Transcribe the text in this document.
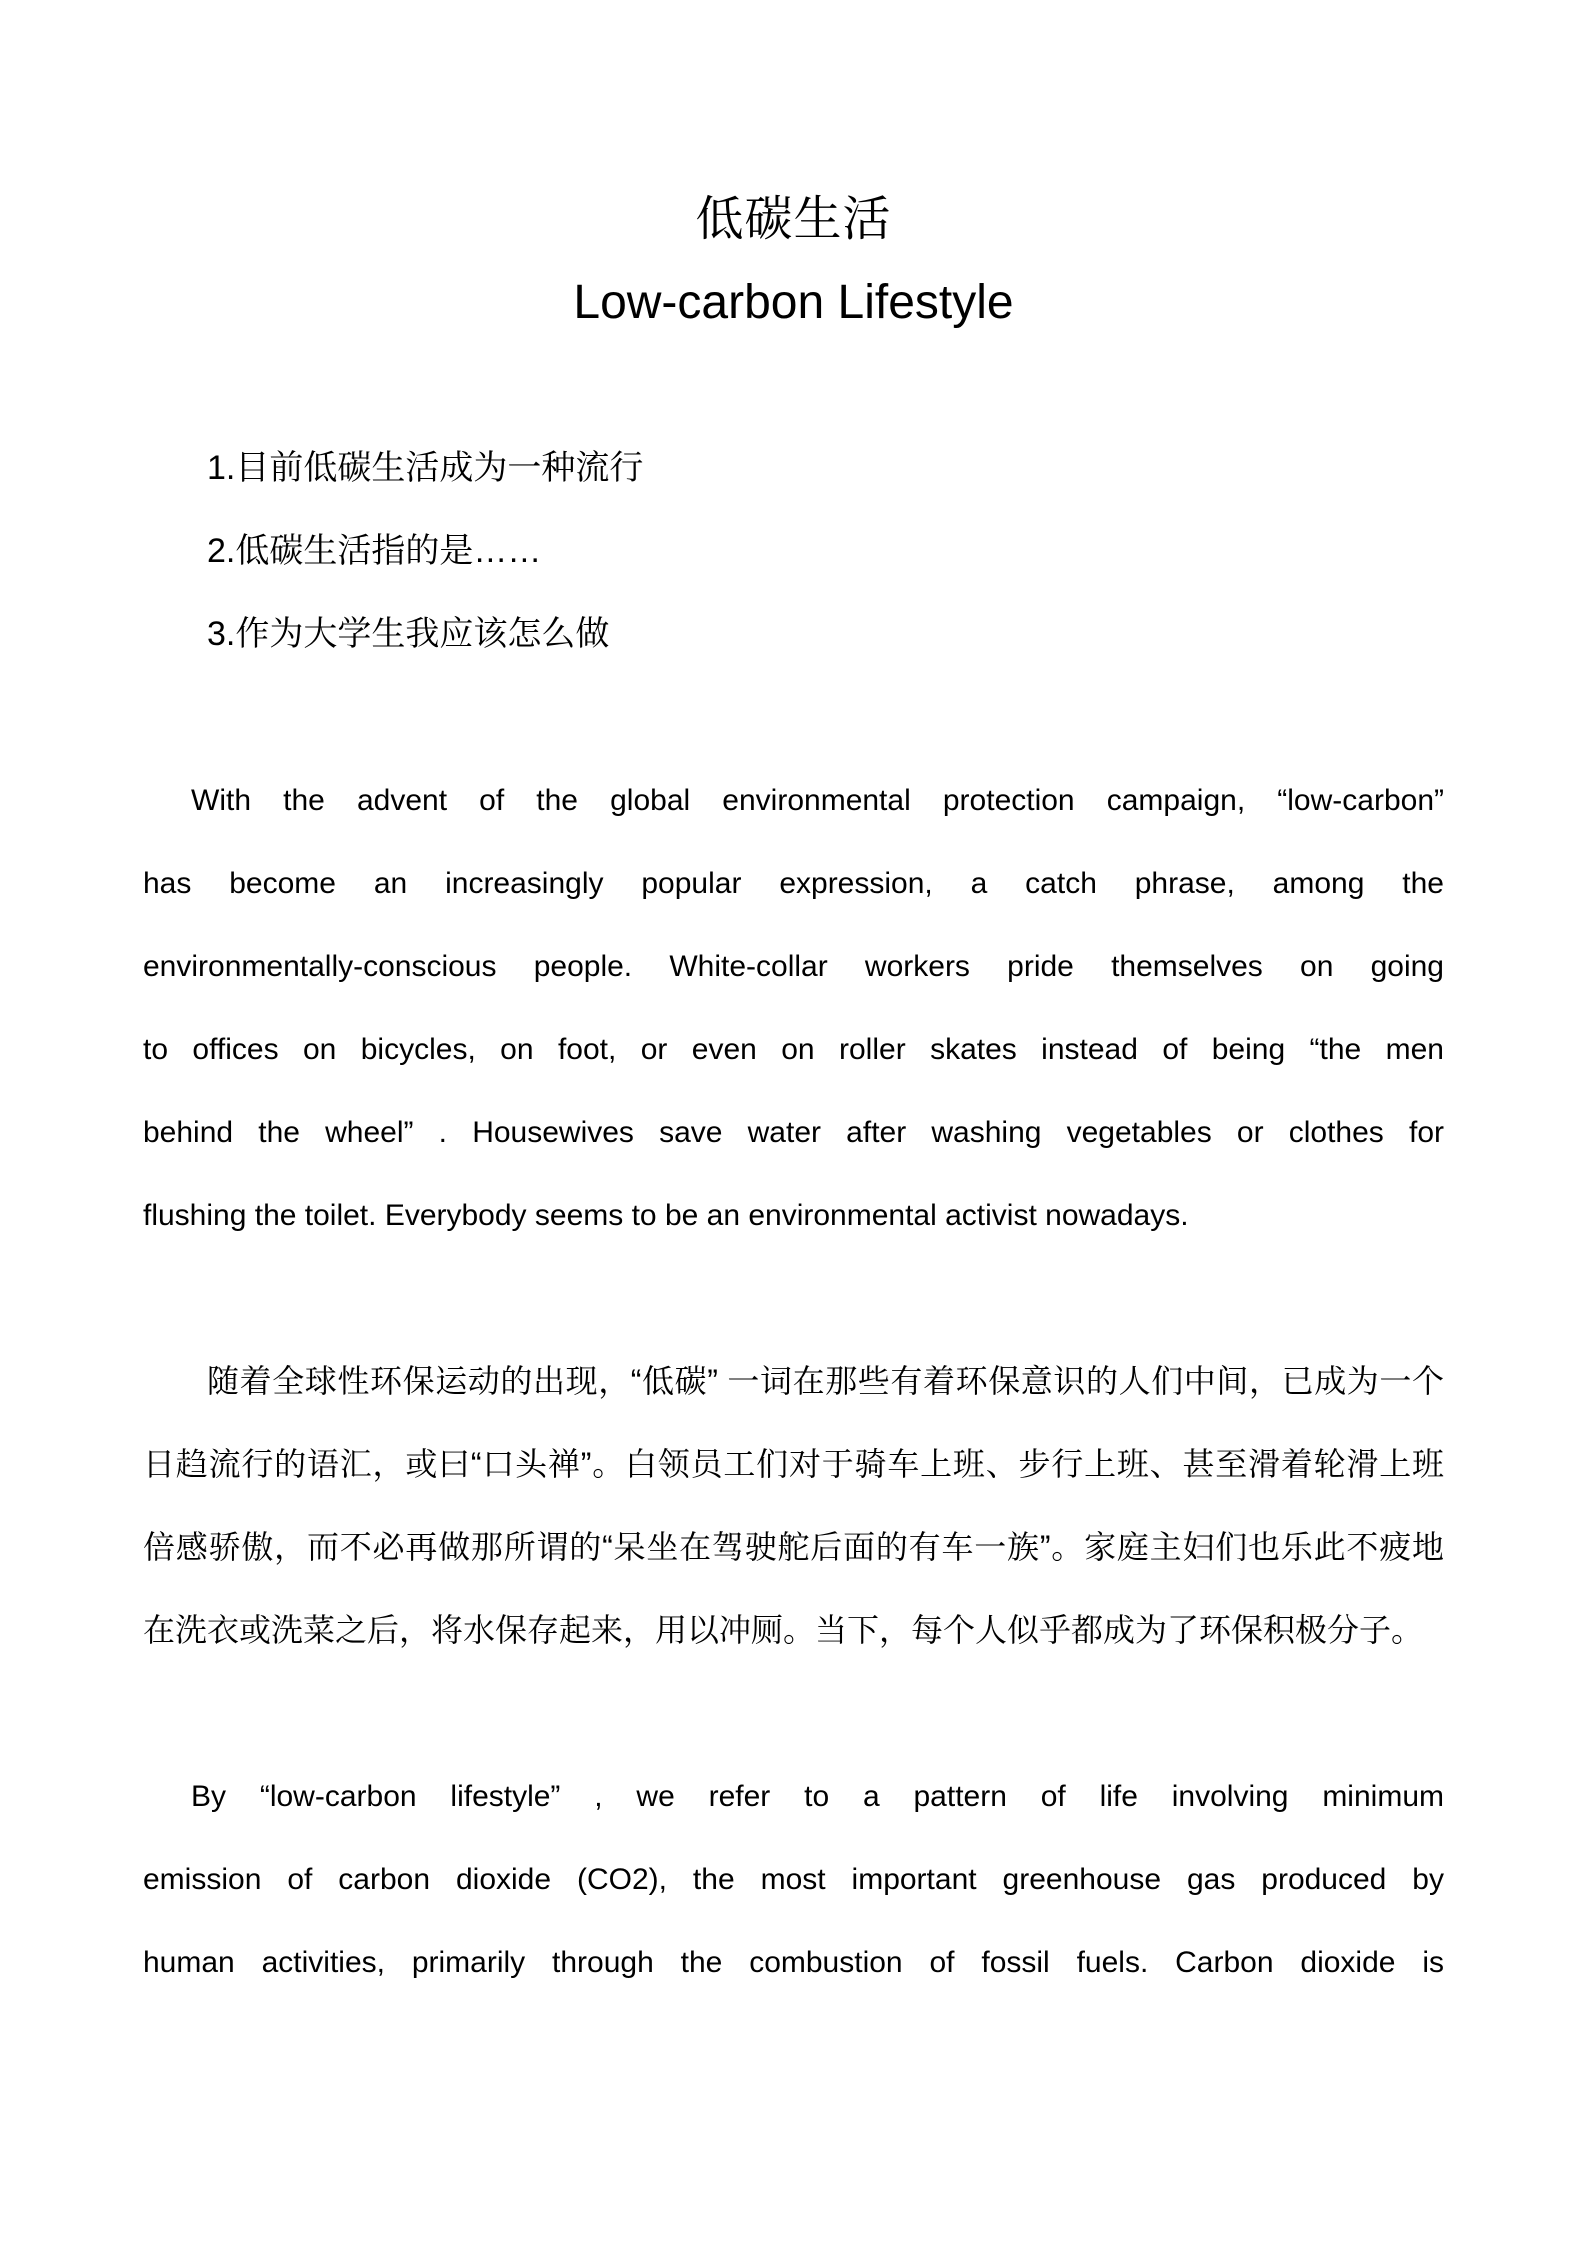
低碳生活
Low-carbon Lifestyle
1.目前低碳生活成为一种流行
2.低碳生活指的是……
3.作为大学生我应该怎么做
With the advent of the global environmental protection campaign, “low-carbon”
has become an increasingly popular expression, a catch phrase, among the
environmentally-conscious people. White-collar workers pride themselves on going
to offices on bicycles, on foot, or even on roller skates instead of being “the men
behind the wheel” . Housewives save water after washing vegetables or clothes for
flushing the toilet. Everybody seems to be an environmental activist nowadays.
随着全球性环保运动的出现，“低碳” 一词在那些有着环保意识的人们中间，已成为一个
日趋流行的语汇，或曰“口头禅”。白领员工们对于骑车上班、步行上班、甚至滑着轮滑上班
倍感骄傲，而不必再做那所谓的“呆坐在驾驶舵后面的有车一族”。家庭主妇们也乐此不疲地
在洗衣或洗菜之后，将水保存起来，用以冲厕。当下，每个人似乎都成为了环保积极分子。
By “low-carbon lifestyle” , we refer to a pattern of life involving minimum
emission of carbon dioxide (CO2), the most important greenhouse gas produced by
human activities, primarily through the combustion of fossil fuels. Carbon dioxide is
